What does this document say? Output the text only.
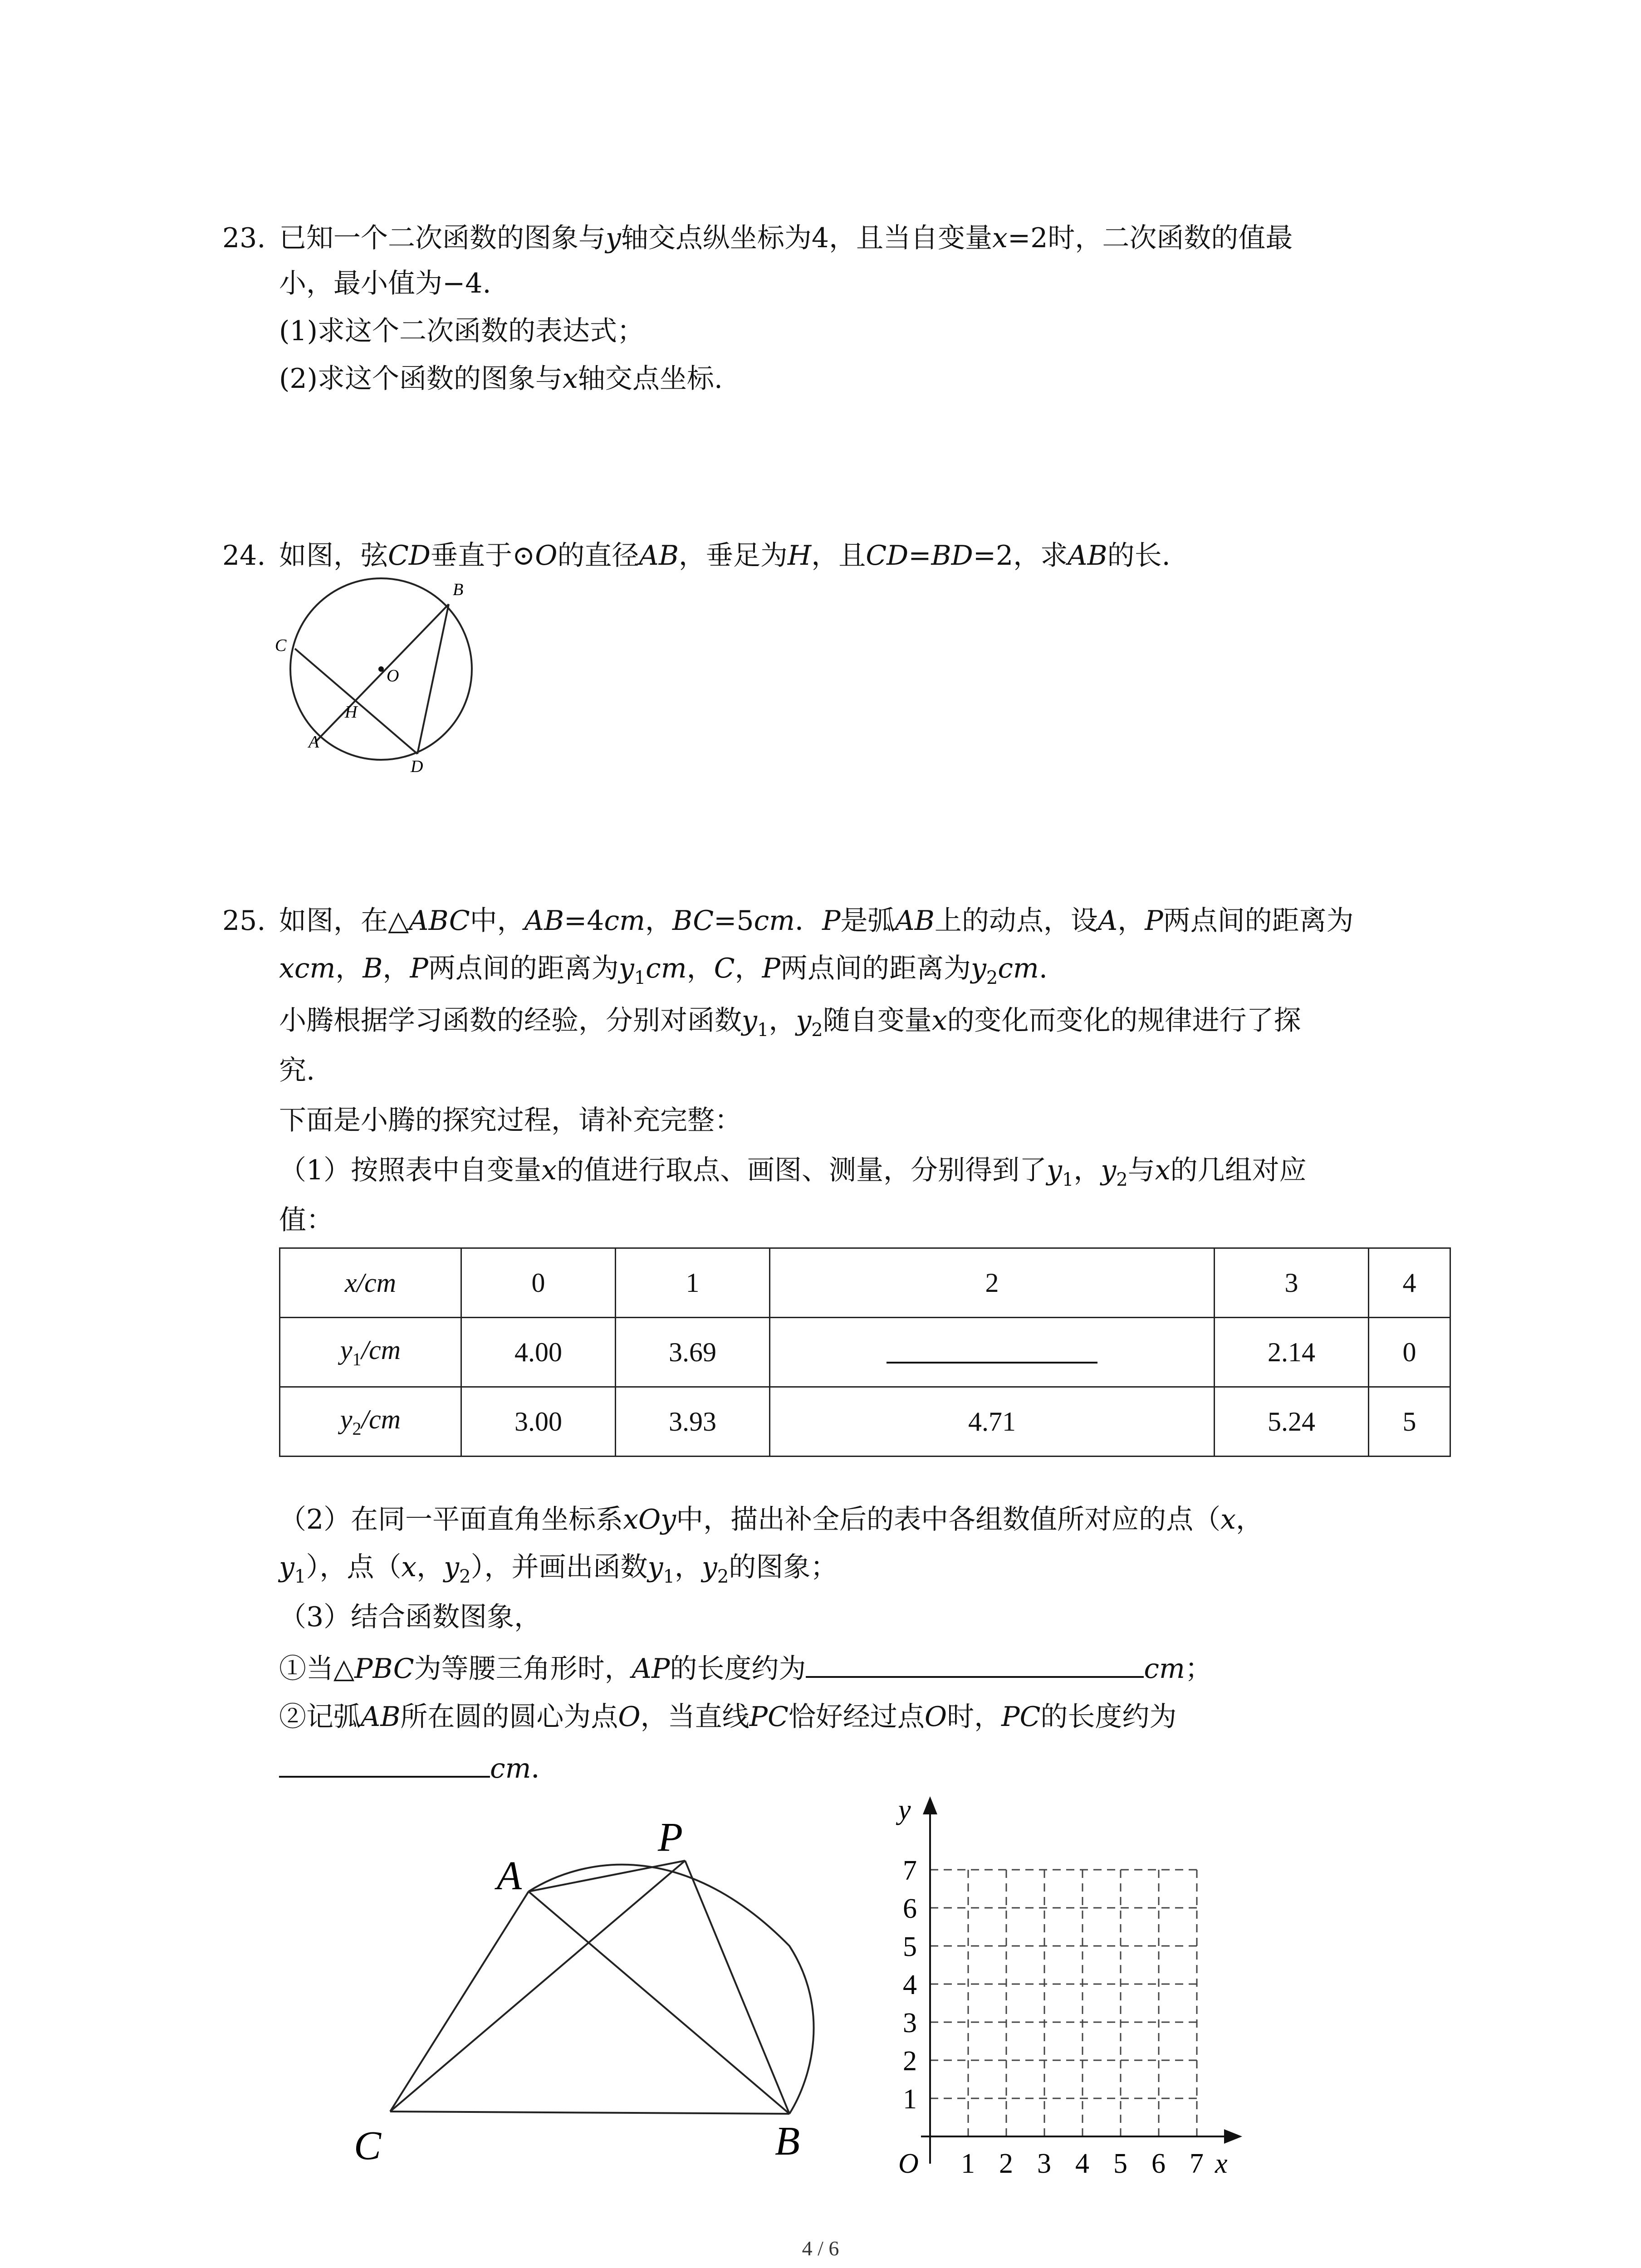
23. 已知一个二次函数的图象与y轴交点纵坐标为4，且当自变量x=2时，二次函数的值最
小，最小值为−4.
(1)求这个二次函数的表达式；
(2)求这个函数的图象与x轴交点坐标.
24. 如图，弦CD垂直于⊙O的直径AB，垂足为H，且CD=BD=2，求AB的长.
O
B
C
H
A
D
25. 如图，在△ABC中，AB=4cm，BC=5cm．P是弧AB上的动点，设A，P两点间的距离为
xcm，B，P两点间的距离为$y_1cm$，C，P两点间的距离为$y_2cm$.
小腾根据学习函数的经验，分别对函数$y_1$，$y_2$随自变量x的变化而变化的规律进行了探
究.
下面是小腾的探究过程，请补充完整：
（1）按照表中自变量x的值进行取点、画图、测量，分别得到了$y_1$，$y_2$与x的几组对应
值：
x/cm	0	1	2	3	4
$y_1/cm$	4.00	3.69		2.14	0
$y_2/cm$	3.00	3.93	4.71	5.24	5
（2）在同一平面直角坐标系xOy中，描出补全后的表中各组数值所对应的点（x，
$y_1$），点（x，$y_2$），并画出函数$y_1$，$y_2$的图象；
（3）结合函数图象，
①当△PBC为等腰三角形时，AP的长度约为	cm；
②记弧AB所在圆的圆心为点O，当直线PC恰好经过点O时，PC的长度约为
cm．
P
A
C	B	1 2 3 4 5 6 7
1
2
3
4
5
6
7
x
y
O
4 / 6
